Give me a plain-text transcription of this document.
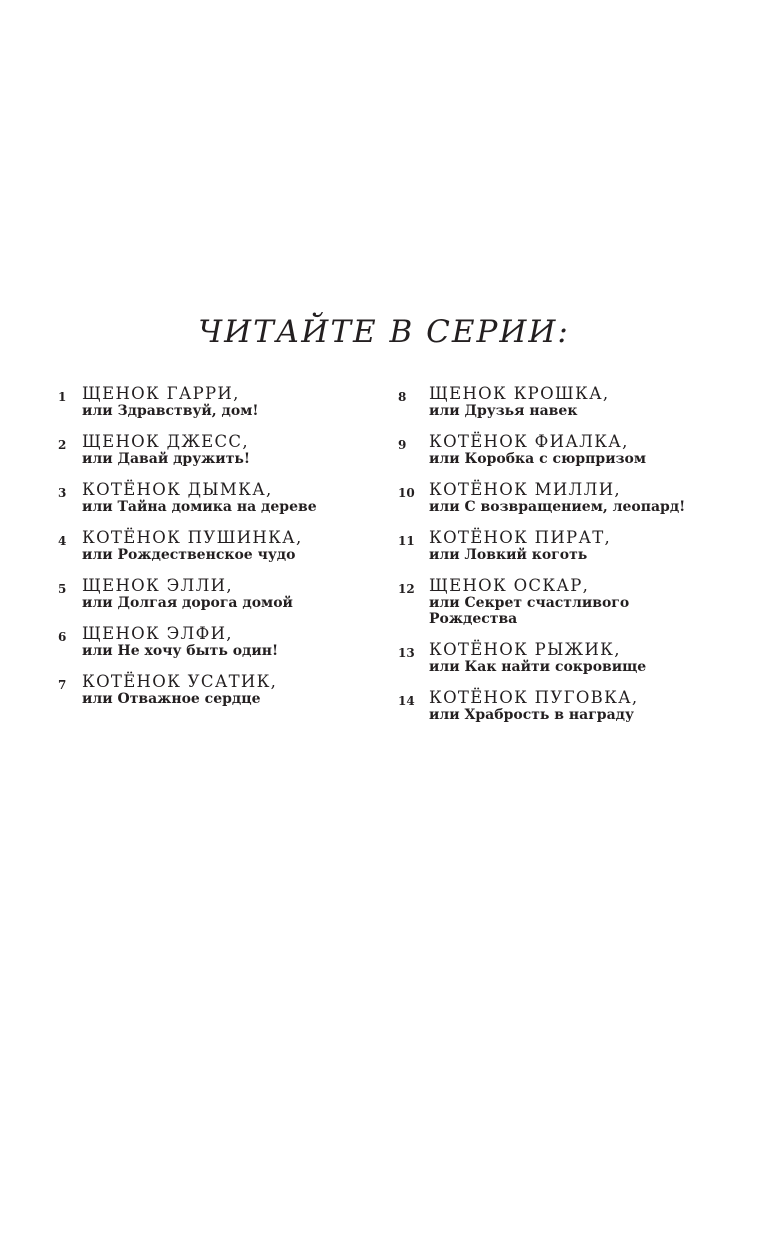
ЧИТАЙТЕ В СЕРИИ:
1 ЩЕНОК ГАРРИ,
или Здравствуй, дом!
2 ЩЕНОК ДЖЕСС,
или Давай дружить!
3 КОТЁНОК ДЫМКА,
или Тайна домика на дереве
4 КОТЁНОК ПУШИНКА,
или Рождественское чудо
5 ЩЕНОК ЭЛЛИ,
или Долгая дорога домой
6 ЩЕНОК ЭЛФИ,
или Не хочу быть один!
7 КОТЁНОК УСАТИК,
или Отважное сердце
8	ЩЕНОК КРОШКА,
или Друзья навек
9	КОТЁНОК ФИАЛКА,
или Коробка с сюрпризом
10 КОТЁНОК МИЛЛИ,
или С возвращением, леопард!
11 КОТЁНОК ПИРАТ,
или Ловкий коготь
12 ЩЕНОК ОСКАР,
или Секрет счастливого
Рождества
13 КОТЁНОК РЫЖИК,
или Как найти сокровище
14 КОТЁНОК ПУГОВКА,
или Храбрость в награду
